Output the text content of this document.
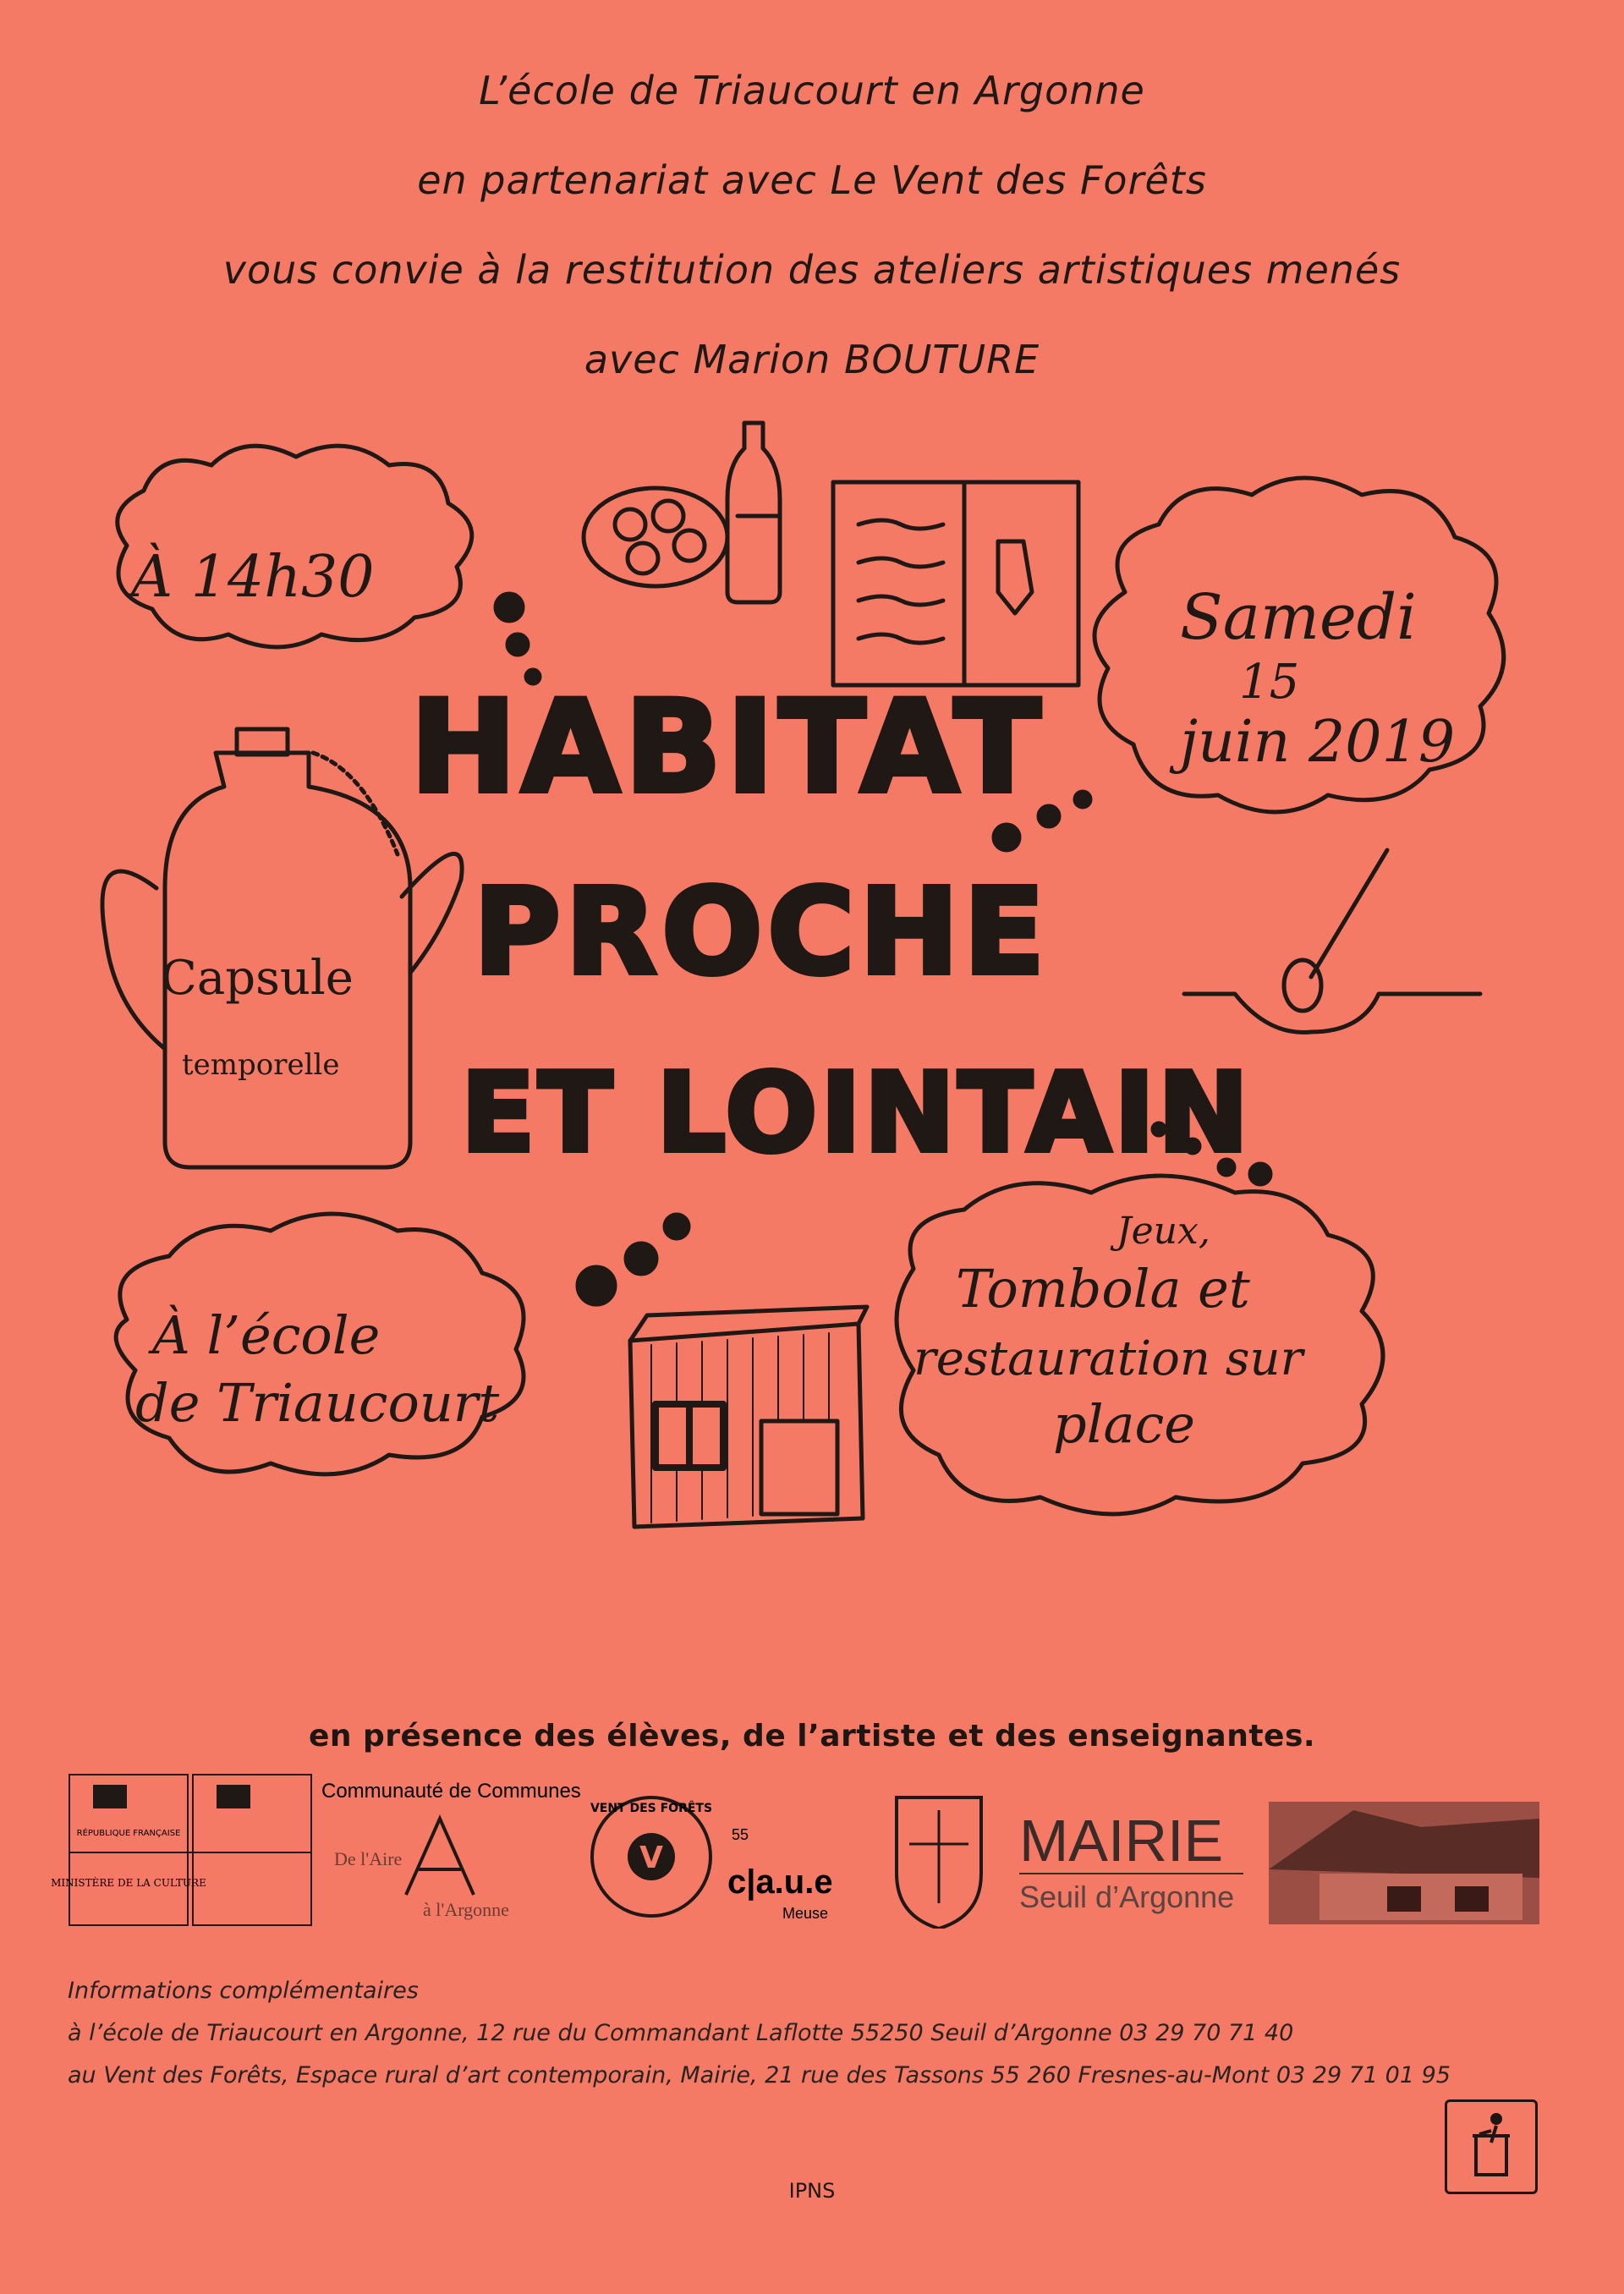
L’école de Triaucourt en Argonne
en partenariat avec Le Vent des Forêts
vous convie à la restitution des ateliers artistiques menés
avec Marion BOUTURE
À 14h30
Samedi
15
juin 2019
HABITAT
PROCHE
ET LOINTAIN
Capsule
temporelle
À l’école
de Triaucourt
Jeux,
Tombola et
restauration sur
place
en présence des élèves, de l’artiste et des enseignantes.
RÉPUBLIQUE FRANÇAISE
MINISTÈRE DE LA CULTURE
Communauté de Communes
De l'Aire
à l'Argonne
V
VENT DES FORÊTS
55
c|a.u.e
Meuse
MAIRIE
Seuil d’Argonne
Informations complémentaires
à l’école de Triaucourt en Argonne, 12 rue du Commandant Laflotte 55250 Seuil d’Argonne 03 29 70 71 40
au Vent des Forêts, Espace rural d’art contemporain, Mairie, 21 rue des Tassons 55 260 Fresnes-au-Mont 03 29 71 01 95
IPNS
